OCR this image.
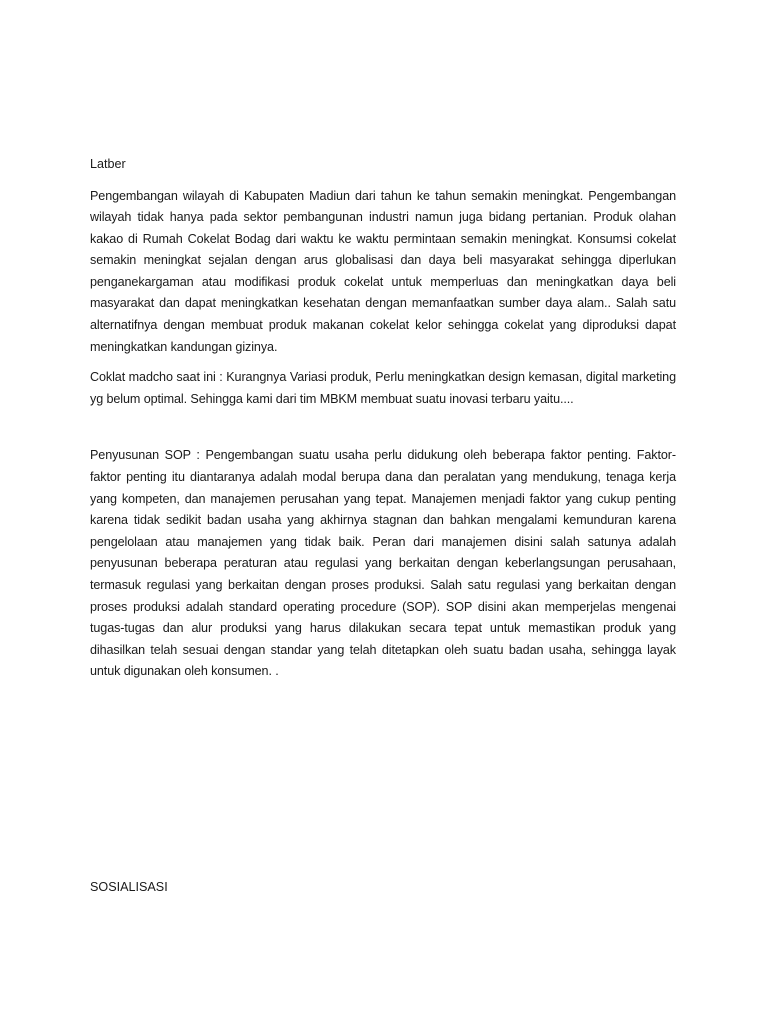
Latber

Pengembangan wilayah di Kabupaten Madiun dari tahun ke tahun semakin meningkat. Pengembangan wilayah tidak hanya pada sektor pembangunan industri namun juga bidang pertanian. Produk olahan kakao di Rumah Cokelat Bodag dari waktu ke waktu permintaan semakin meningkat. Konsumsi cokelat semakin meningkat sejalan dengan arus globalisasi dan daya beli masyarakat sehingga diperlukan penganekargaman atau modifikasi produk cokelat untuk memperluas dan meningkatkan daya beli masyarakat dan dapat meningkatkan kesehatan dengan memanfaatkan sumber daya alam.. Salah satu alternatifnya dengan membuat produk makanan cokelat kelor sehingga cokelat yang diproduksi dapat meningkatkan kandungan gizinya.

Coklat madcho saat ini : Kurangnya Variasi produk, Perlu meningkatkan design kemasan, digital marketing yg belum optimal. Sehingga kami dari tim MBKM membuat suatu inovasi terbaru yaitu....

Penyusunan SOP : Pengembangan suatu usaha perlu didukung oleh beberapa faktor penting. Faktor-faktor penting itu diantaranya adalah modal berupa dana dan peralatan yang mendukung, tenaga kerja yang kompeten, dan manajemen perusahan yang tepat. Manajemen menjadi faktor yang cukup penting karena tidak sedikit badan usaha yang akhirnya stagnan dan bahkan mengalami kemunduran karena pengelolaan atau manajemen yang tidak baik. Peran dari manajemen disini salah satunya adalah penyusunan beberapa peraturan atau regulasi yang berkaitan dengan keberlangsungan perusahaan, termasuk regulasi yang berkaitan dengan proses produksi. Salah satu regulasi yang berkaitan dengan proses produksi adalah standard operating procedure (SOP). SOP disini akan memperjelas mengenai tugas-tugas dan alur produksi yang harus dilakukan secara tepat untuk memastikan produk yang dihasilkan telah sesuai dengan standar yang telah ditetapkan oleh suatu badan usaha, sehingga layak untuk digunakan oleh konsumen. .

SOSIALISASI
